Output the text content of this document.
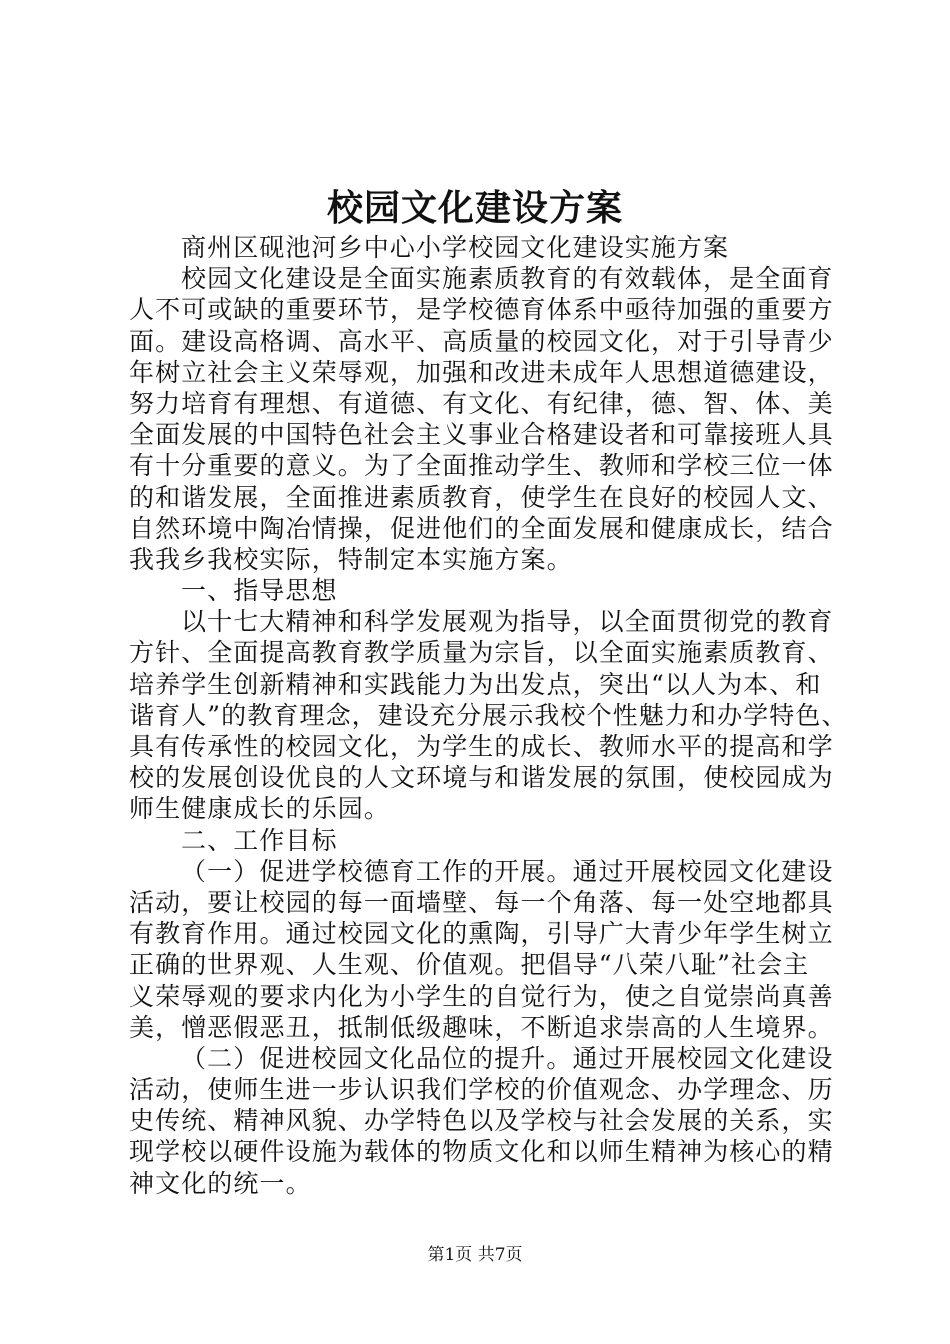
校园文化建设方案
商州区砚池河乡中心小学校园文化建设实施方案
校园文化建设是全面实施素质教育的有效载体，是全面育
人不可或缺的重要环节，是学校德育体系中亟待加强的重要方
面。建设高格调、高水平、高质量的校园文化，对于引导青少
年树立社会主义荣辱观，加强和改进未成年人思想道德建设，
努力培育有理想、有道德、有文化、有纪律，德、智、体、美
全面发展的中国特色社会主义事业合格建设者和可靠接班人具
有十分重要的意义。为了全面推动学生、教师和学校三位一体
的和谐发展，全面推进素质教育，使学生在良好的校园人文、
自然环境中陶冶情操，促进他们的全面发展和健康成长，结合
我我乡我校实际，特制定本实施方案。
一、指导思想
以十七大精神和科学发展观为指导，以全面贯彻党的教育
方针、全面提高教育教学质量为宗旨，以全面实施素质教育、
培养学生创新精神和实践能力为出发点，突出“以人为本、和
谐育人”的教育理念，建设充分展示我校个性魅力和办学特色、
具有传承性的校园文化，为学生的成长、教师水平的提高和学
校的发展创设优良的人文环境与和谐发展的氛围，使校园成为
师生健康成长的乐园。
二、工作目标
（一）促进学校德育工作的开展。通过开展校园文化建设
活动，要让校园的每一面墙壁、每一个角落、每一处空地都具
有教育作用。通过校园文化的熏陶，引导广大青少年学生树立
正确的世界观、人生观、价值观。把倡导“八荣八耻”社会主
义荣辱观的要求内化为小学生的自觉行为，使之自觉崇尚真善
美，憎恶假恶丑，抵制低级趣味，不断追求崇高的人生境界。
（二）促进校园文化品位的提升。通过开展校园文化建设
活动，使师生进一步认识我们学校的价值观念、办学理念、历
史传统、精神风貌、办学特色以及学校与社会发展的关系，实
现学校以硬件设施为载体的物质文化和以师生精神为核心的精
神文化的统一。
第1页 共7页
